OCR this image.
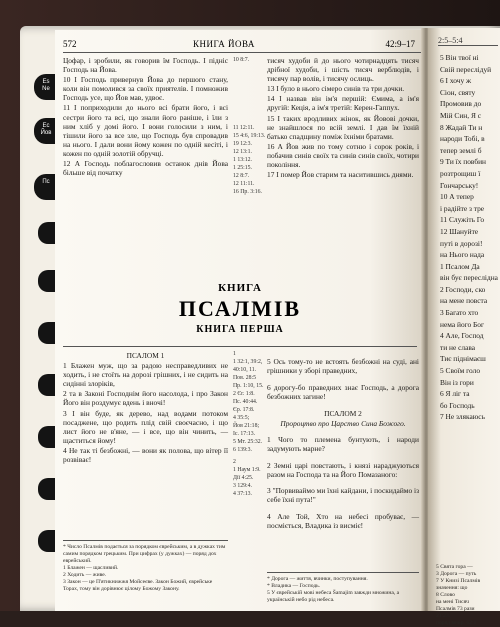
Es
Ne
Ес
Йов
Пс
572	КНИГА ЙОВА	42:9–17

Цофар, і зробили, як говорив їм Господь. І підніс Господь на Йова.

10 І Господь привернув Йова до першого стану, коли він помолився за своїх приятелів. І помножив Господь усе, що Йов мав, удвоє.

11 І поприходили до нього всі брати його, і всі сестри його та всі, що знали його раніше, і їли з ним хліб у домі його. І вони голосили з ним, і тішили його за все зле, що Господь був спровадив на нього. І дали вони йому кожен по одній кесіті, і кожен по одній золотій обручці.

12 А Господь поблагословив останок днів Йова більше від початку

10 8:7.
11 12:11.
15 4:6, 19:13.
19 12:3.
12 13:1.
1 13:12.
1 25:15.
12 8:7.
12 11:11.
16 Пр. 3:16.

тисяч худоби й до нього чотирнадцять тисяч дрібної худоби, і шість тисяч верблюдів, і тисячу пар волів, і тисячу ослиць.

13 І було в нього сімеро синів та три дочки.

14 І назвав він ім'я першій: Ємима, а ім'я другій: Кеція, а ім'я третій: Керен-Гаппух.

15 І таких вродливих жінок, як Йовові дочки, не знайшлося по всій землі. І дав їм їхній батько спадщину поміж їхніми братами.

16 А Йов жив по тому сотню і сорок років, і побачив синів своїх та синів синів своїх, чотири покоління.

17 І помер Йов старим та наситившись днями.

КНИГА
ПСАЛМІВ
КНИГА ПЕРША
ПСАЛОМ 1

1 Блажен муж, що за радою несправедливих не ходить, і не стоїть на дорозі грішних, і не сидить на сидінні злоріків,

2 та в Законі Господнім його насолода, і про Закон Його він роздумує вдень і вночі!

3 І він буде, як дерево, над водами потоком посаджене, що родить плід свій своєчасно, і що лист його не в'яне, — і все, що він чинить, — щаститься йому!

4 Не так ті безбожні, — вони як полова, що вітер її розвіває!

1
1 32:1, 39:2, 40:10, 11.
Пов. 28:5
Пр. 1:10, 15.
2 Єг. 1:8.
Пс. 40:44.
Єр. 17:8.
4 35:5;
Йов 21:18;
Іс. 17:13.
5 Мт. 25:32.
6 139:3.
2
1 Наум 1:9.
Дії 4:25.
3 129:4.
4 37:13.

5 Ось тому-то не встоять безбожні на суді, ані грішники у зборі праведних,

6 дорогу-бо праведних знає Господь, а дорога безбожних загине!

ПСАЛОМ 2
Пророцтво про Царство Сина Божого.

1 Чого то племена бунтують, і народи задумують марне?

2 Земні царі повстають, і князі нараджуються разом на Господа та на Його Помазаного:

3 "Порвиваймо ми їхні кайдани, і поскидаймо із себе їхні пута!"

4 Але Той, Хто на небесі пробуває, — посміється, Владика із висміє!

* Число Псалмів подається за порядком єврейським, а в дужках тим самим порядком грецьким. При цифрах (у дужках) — поряд дох еврейський.
1 Блажен — щасливий.
2 Ходить — живе.
3 Закон — це П'ятикнижжя Мойсеєве. Закон Божий, єврейське Торах, тому він дорівнює цілому Божому Закону.
* Дорога — життя, вчинки, поступування.
* Владика — Господь.
5 У єврейській мові небеса Šamajim завжди множина, а українській небо рід небеса.
2:5–5:4
5 Він твої ні
Свій переслідуй
6 І хочу ж
Сіон, святу
Промовив до
Мій Син, Я с
8 Жадай Ти н
народи Тобі, в
тепер землі б
9 Ти їх повбин
розтрощиш ї
Гончарську!
10 А тепер
і радійте з тре
11 Служіть Го
12 Шануйте
путі в дорозі!
на Нього нада
1 Псалом Да
він бує переслідна
2 Господи, ско
на мене повста
3 Багато хто
нема його Бог
4 Але, Господ
ти не слава
Тиє піднімаєш
5 Своїм голо
Він із гори
6 Я ліг та
бо Господь
7 Не злякаюсь
5 Свята гора —
3 Дорога — путь
7 У Книзі Псалмів
значення: що
8 Слово
на мені Тисяч
Псалмів 73 рази
21:23.
поряд вечір, 62:1
